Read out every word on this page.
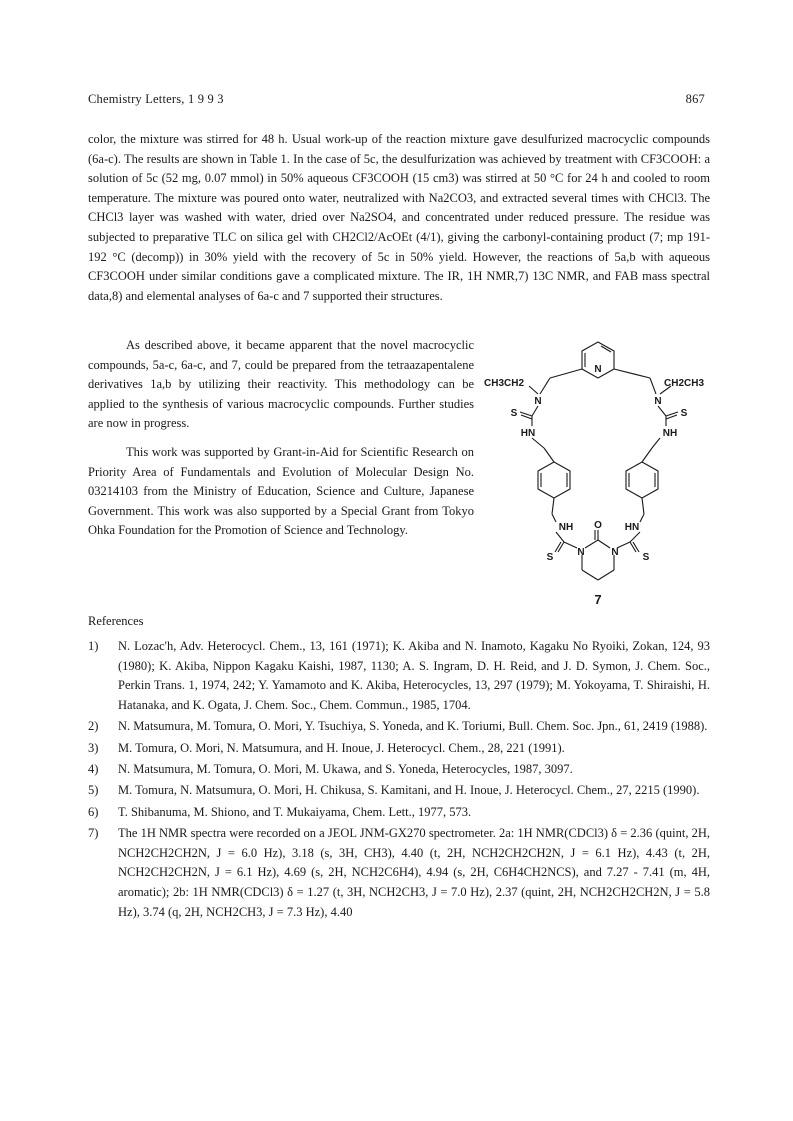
Chemistry Letters, 1 9 9 3	867
color, the mixture was stirred for 48 h. Usual work-up of the reaction mixture gave desulfurized macrocyclic compounds (6a-c). The results are shown in Table 1. In the case of 5c, the desulfurization was achieved by treatment with CF3COOH: a solution of 5c (52 mg, 0.07 mmol) in 50% aqueous CF3COOH (15 cm3) was stirred at 50 °C for 24 h and cooled to room temperature. The mixture was poured onto water, neutralized with Na2CO3, and extracted several times with CHCl3. The CHCl3 layer was washed with water, dried over Na2SO4, and concentrated under reduced pressure. The residue was subjected to preparative TLC on silica gel with CH2Cl2/AcOEt (4/1), giving the carbonyl-containing product (7; mp 191-192 °C (decomp)) in 30% yield with the recovery of 5c in 50% yield. However, the reactions of 5a,b with aqueous CF3COOH under similar conditions gave a complicated mixture. The IR, 1H NMR,7) 13C NMR, and FAB mass spectral data,8) and elemental analyses of 6a-c and 7 supported their structures.
As described above, it became apparent that the novel macrocyclic compounds, 5a-c, 6a-c, and 7, could be prepared from the tetraazapentalene derivatives 1a,b by utilizing their reactivity. This methodology can be applied to the synthesis of various macrocyclic compounds. Further studies are now in progress.
This work was supported by Grant-in-Aid for Scientific Research on Priority Area of Fundamentals and Evolution of Molecular Design No. 03214103 from the Ministry of Education, Science and Culture, Japanese Government. This work was also supported by a Special Grant from Tokyo Ohka Foundation for the Promotion of Science and Technology.
N
CH3CH2	CH2CH3
N	N
S	S
HN	NH
NH O HN
S N	N S
7
References
1) N. Lozac'h, Adv. Heterocycl. Chem., 13, 161 (1971); K. Akiba and N. Inamoto, Kagaku No Ryoiki, Zokan, 124, 93 (1980); K. Akiba, Nippon Kagaku Kaishi, 1987, 1130; A. S. Ingram, D. H. Reid, and J. D. Symon, J. Chem. Soc., Perkin Trans. 1, 1974, 242; Y. Yamamoto and K. Akiba, Heterocycles, 13, 297 (1979); M. Yokoyama, T. Shiraishi, H. Hatanaka, and K. Ogata, J. Chem. Soc., Chem. Commun., 1985, 1704.
2) N. Matsumura, M. Tomura, O. Mori, Y. Tsuchiya, S. Yoneda, and K. Toriumi, Bull. Chem. Soc. Jpn., 61, 2419 (1988).
3) M. Tomura, O. Mori, N. Matsumura, and H. Inoue, J. Heterocycl. Chem., 28, 221 (1991).
4) N. Matsumura, M. Tomura, O. Mori, M. Ukawa, and S. Yoneda, Heterocycles, 1987, 3097.
5) M. Tomura, N. Matsumura, O. Mori, H. Chikusa, S. Kamitani, and H. Inoue, J. Heterocycl. Chem., 27, 2215 (1990).
6) T. Shibanuma, M. Shiono, and T. Mukaiyama, Chem. Lett., 1977, 573.
7) The 1H NMR spectra were recorded on a JEOL JNM-GX270 spectrometer. 2a: 1H NMR(CDCl3) δ = 2.36 (quint, 2H, NCH2CH2CH2N, J = 6.0 Hz), 3.18 (s, 3H, CH3), 4.40 (t, 2H, NCH2CH2CH2N, J = 6.1 Hz), 4.43 (t, 2H, NCH2CH2CH2N, J = 6.1 Hz), 4.69 (s, 2H, NCH2C6H4), 4.94 (s, 2H, C6H4CH2NCS), and 7.27 - 7.41 (m, 4H, aromatic); 2b: 1H NMR(CDCl3) δ = 1.27 (t, 3H, NCH2CH3, J = 7.0 Hz), 2.37 (quint, 2H, NCH2CH2CH2N, J = 5.8 Hz), 3.74 (q, 2H, NCH2CH3, J = 7.3 Hz), 4.40
